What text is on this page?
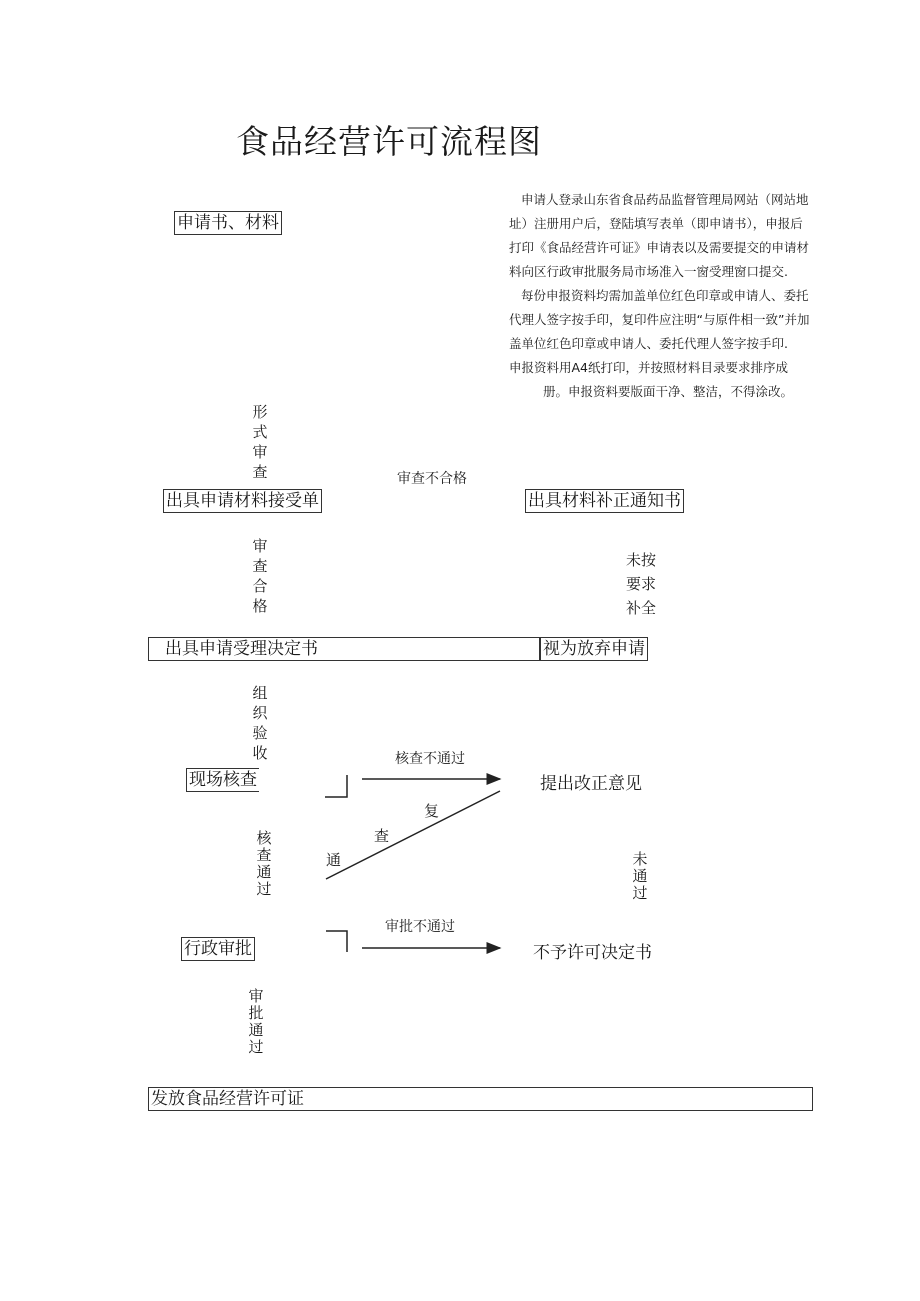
食品经营许可流程图
申请书、材料
出具申请材料接受单	出具材料补正通知书
出具申请受理决定书	视为放弃申请
现场核查	提出改正意见
行政审批	不予许可决定书
发放食品经营许可证
形
式
审
查
审
查
合
格
未按
要求
补全
组
织
验
收
核
查
通
过
未
通
过
审
批
通
过
审查不合格
核查不通过
审批不通过
复
查
通

申请人登录山东省食品药品监督管理局网站（网站地址）注册用户后，登陆填写表单（即申请书），申报后打印《食品经营许可证》申请表以及需要提交的申请材料向区行政审批服务局市场准入一窗受理窗口提交.

每份申报资料均需加盖单位红色印章或申请人、委托代理人签字按手印，复印件应注明“与原件相一致”并加盖单位红色印章或申请人、委托代理人签字按手印.

申报资料用A4纸打印，并按照材料目录要求排序成
册。申报资料要版面干净、整洁，不得涂改。
